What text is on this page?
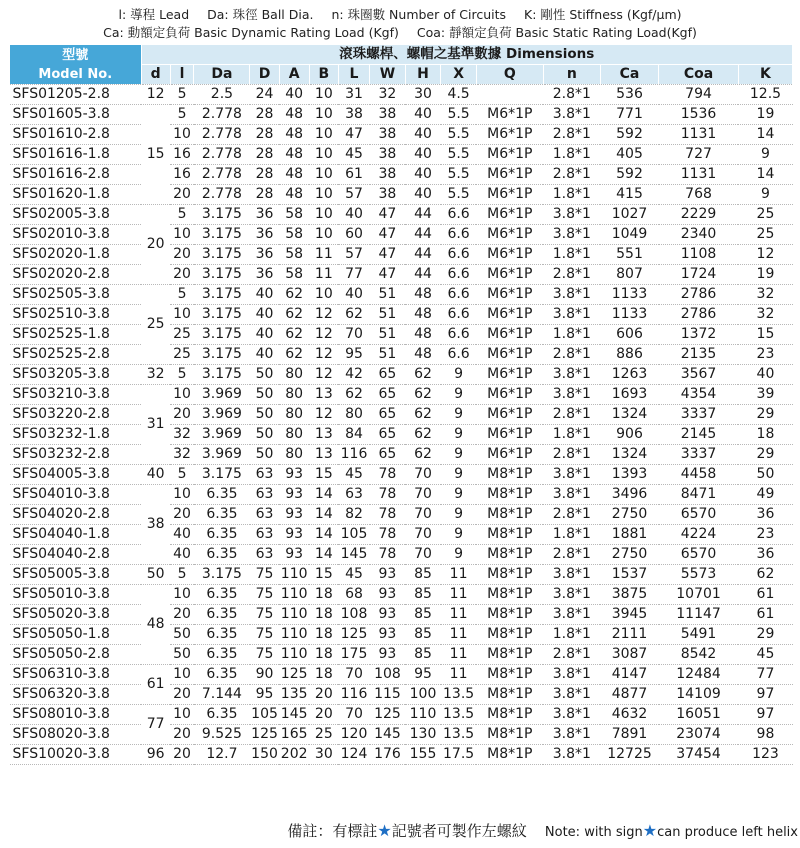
l: 導程 Lead Da: 珠徑 Ball Dia. n: 珠圈數 Number of Circuits K: 剛性 Stiffness (Kgf/μm)
Ca: 動額定負荷 Basic Dynamic Rating Load (Kgf) Coa: 靜額定負荷 Basic Static Rating Load(Kgf)
型號
Model No.	滾珠螺桿、螺帽之基準數據 Dimensions														
	d	l	Da	D	A	B	L	W	H	X	Q	n	Ca	Coa	K
SFS01205-2.8	12	5	2.5	24	40	10	31	32	30	4.5		2.8*1	536	794	12.5
SFS01605-3.8	15	5	2.778	28	48	10	38	38	40	5.5	M6*1P	3.8*1	771	1536	19
SFS01610-2.8		10	2.778	28	48	10	47	38	40	5.5	M6*1P	2.8*1	592	1131	14
SFS01616-1.8		16	2.778	28	48	10	45	38	40	5.5	M6*1P	1.8*1	405	727	9
SFS01616-2.8		16	2.778	28	48	10	61	38	40	5.5	M6*1P	2.8*1	592	1131	14
SFS01620-1.8		20	2.778	28	48	10	57	38	40	5.5	M6*1P	1.8*1	415	768	9
SFS02005-3.8	20	5	3.175	36	58	10	40	47	44	6.6	M6*1P	3.8*1	1027	2229	25
SFS02010-3.8		10	3.175	36	58	10	60	47	44	6.6	M6*1P	3.8*1	1049	2340	25
SFS02020-1.8		20	3.175	36	58	11	57	47	44	6.6	M6*1P	1.8*1	551	1108	12
SFS02020-2.8		20	3.175	36	58	11	77	47	44	6.6	M6*1P	2.8*1	807	1724	19
SFS02505-3.8	25	5	3.175	40	62	10	40	51	48	6.6	M6*1P	3.8*1	1133	2786	32
SFS02510-3.8		10	3.175	40	62	12	62	51	48	6.6	M6*1P	3.8*1	1133	2786	32
SFS02525-1.8		25	3.175	40	62	12	70	51	48	6.6	M6*1P	1.8*1	606	1372	15
SFS02525-2.8		25	3.175	40	62	12	95	51	48	6.6	M6*1P	2.8*1	886	2135	23
SFS03205-3.8	32	5	3.175	50	80	12	42	65	62	9	M6*1P	3.8*1	1263	3567	40
SFS03210-3.8	31	10	3.969	50	80	13	62	65	62	9	M6*1P	3.8*1	1693	4354	39
SFS03220-2.8		20	3.969	50	80	12	80	65	62	9	M6*1P	2.8*1	1324	3337	29
SFS03232-1.8		32	3.969	50	80	13	84	65	62	9	M6*1P	1.8*1	906	2145	18
SFS03232-2.8		32	3.969	50	80	13	116	65	62	9	M6*1P	2.8*1	1324	3337	29
SFS04005-3.8	40	5	3.175	63	93	15	45	78	70	9	M8*1P	3.8*1	1393	4458	50
SFS04010-3.8	38	10	6.35	63	93	14	63	78	70	9	M8*1P	3.8*1	3496	8471	49
SFS04020-2.8		20	6.35	63	93	14	82	78	70	9	M8*1P	2.8*1	2750	6570	36
SFS04040-1.8		40	6.35	63	93	14	105	78	70	9	M8*1P	1.8*1	1881	4224	23
SFS04040-2.8		40	6.35	63	93	14	145	78	70	9	M8*1P	2.8*1	2750	6570	36
SFS05005-3.8	50	5	3.175	75	110	15	45	93	85	11	M8*1P	3.8*1	1537	5573	62
SFS05010-3.8	48	10	6.35	75	110	18	68	93	85	11	M8*1P	3.8*1	3875	10701	61
SFS05020-3.8		20	6.35	75	110	18	108	93	85	11	M8*1P	3.8*1	3945	11147	61
SFS05050-1.8		50	6.35	75	110	18	125	93	85	11	M8*1P	1.8*1	2111	5491	29
SFS05050-2.8		50	6.35	75	110	18	175	93	85	11	M8*1P	2.8*1	3087	8542	45
SFS06310-3.8	61	10	6.35	90	125	18	70	108	95	11	M8*1P	3.8*1	4147	12484	77
SFS06320-3.8		20	7.144	95	135	20	116	115	100	13.5	M8*1P	3.8*1	4877	14109	97
SFS08010-3.8	77	10	6.35	105	145	20	70	125	110	13.5	M8*1P	3.8*1	4632	16051	97
SFS08020-3.8		20	9.525	125	165	25	120	145	130	13.5	M8*1P	3.8*1	7891	23074	98
SFS10020-3.8	96	20	12.7	150	202	30	124	176	155	17.5	M8*1P	3.8*1	12725	37454	123
備註：有標註★記號者可製作左螺紋 Note: with sign★can produce left helix
